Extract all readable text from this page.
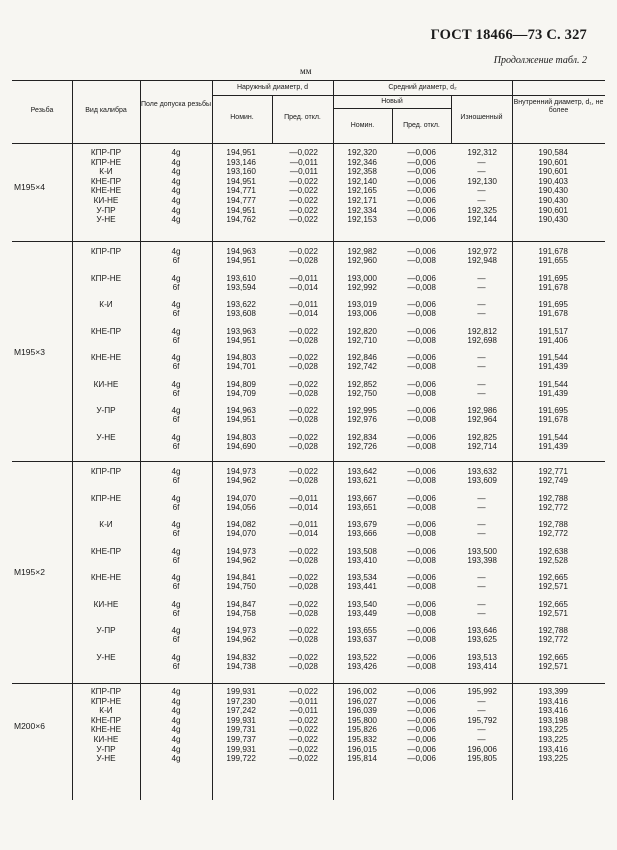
ГОСТ 18466—73 С. 327
Продолжение табл. 2
мм
Резьба	Вид калибра
Поле допуска резьбы
Наружный диаметр, d
Номин.	Пред. откл.
Средний диаметр, d₂
Новый
Номин.	Пред. откл.
Изношенный
Внутренний диаметр, d₁, не более
КПР-ПР	4g	194,951	—0,022	192,320	—0,006	192,312	190,584
КПР-НЕ	4g	193,146	—0,011	192,346	—0,006	—	190,601
К-И	4g	193,160	—0,011	192,358	—0,006	—	190,601
КНЕ-ПР	4g	194,951	—0,022	192,140	—0,006	192,130	190,403
КНЕ-НЕ	4g	194,771	—0,022	192,165	—0,006	—	190,430
КИ-НЕ	4g	194,777	—0,022	192,171	—0,006	—	190,430
У-ПР	4g	194,951	—0,022	192,334	—0,006	192,325	190,601
У-НЕ	4g	194,762	—0,022	192,153	—0,006	192,144	190,430
M195×4
КПР-ПР	4g	194,963	—0,022	192,982	—0,006	192,972	191,678
6f	194,951	—0,028	192,960	—0,008	192,948	191,655
КПР-НЕ	4g	193,610	—0,011	193,000	—0,006	—	191,695
6f	193,594	—0,014	192,992	—0,008	—	191,678
К-И	4g	193,622	—0,011	193,019	—0,006	—	191,695
6f	193,608	—0,014	193,006	—0,008	—	191,678
КНЕ-ПР	4g	193,963	—0,022	192,820	—0,006	192,812	191,517
6f	194,951	—0,028	192,710	—0,008	192,698	191,406
КНЕ-НЕ	4g	194,803	—0,022	192,846	—0,006	—	191,544
6f	194,701	—0,028	192,742	—0,008	—	191,439
КИ-НЕ	4g	194,809	—0,022	192,852	—0,006	—	191,544
6f	194,709	—0,028	192,750	—0,008	—	191,439
У-ПР	4g	194,963	—0,022	192,995	—0,006	192,986	191,695
6f	194,951	—0,028	192,976	—0,008	192,964	191,678
У-НЕ	4g	194,803	—0,022	192,834	—0,006	192,825	191,544
6f	194,690	—0,028	192,726	—0,008	192,714	191,439
M195×3
КПР-ПР	4g	194,973	—0,022	193,642	—0,006	193,632	192,771
6f	194,962	—0,028	193,621	—0,008	193,609	192,749
КПР-НЕ	4g	194,070	—0,011	193,667	—0,006	—	192,788
6f	194,056	—0,014	193,651	—0,008	—	192,772
К-И	4g	194,082	—0,011	193,679	—0,006	—	192,788
6f	194,070	—0,014	193,666	—0,008	—	192,772
КНЕ-ПР	4g	194,973	—0,022	193,508	—0,006	193,500	192,638
6f	194,962	—0,028	193,410	—0,008	193,398	192,528
КНЕ-НЕ	4g	194,841	—0,022	193,534	—0,006	—	192,665
6f	194,750	—0,028	193,441	—0,008	—	192,571
КИ-НЕ	4g	194,847	—0,022	193,540	—0,006	—	192,665
6f	194,758	—0,028	193,449	—0,008	—	192,571
У-ПР	4g	194,973	—0,022	193,655	—0,006	193,646	192,788
6f	194,962	—0,028	193,637	—0,008	193,625	192,772
У-НЕ	4g	194,832	—0,022	193,522	—0,006	193,513	192,665
6f	194,738	—0,028	193,426	—0,008	193,414	192,571
M195×2
КПР-ПР	4g	199,931	—0,022	196,002	—0,006	195,992	193,399
КПР-НЕ	4g	197,230	—0,011	196,027	—0,006	—	193,416
К-И	4g	197,242	—0,011	196,039	—0,006	—	193,416
КНЕ-ПР	4g	199,931	—0,022	195,800	—0,006	195,792	193,198
КНЕ-НЕ	4g	199,731	—0,022	195,826	—0,006	—	193,225
КИ-НЕ	4g	199,737	—0,022	195,832	—0,006	—	193,225
У-ПР	4g	199,931	—0,022	196,015	—0,006	196,006	193,416
У-НЕ	4g	199,722	—0,022	195,814	—0,006	195,805	193,225
M200×6
